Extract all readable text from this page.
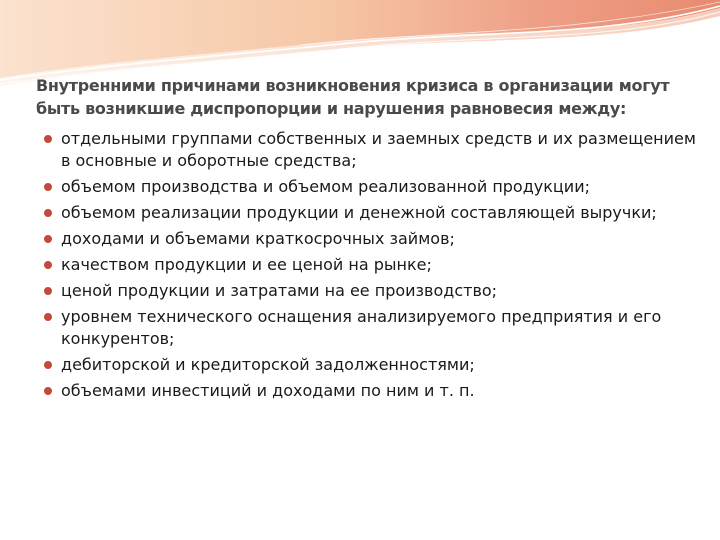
Внутренними причинами возникновения кризиса в организации могут быть возникшие диспропорции и нарушения равновесия между:
отдельными группами собственных и заемных средств и их размещением в основные и оборотные средства;
объемом производства и объемом реализованной продукции;
объемом реализации продукции и денежной составляющей выручки;
доходами и объемами краткосрочных займов;
качеством продукции и ее ценой на рынке;
ценой продукции и затратами на ее производство;
уровнем технического оснащения анализируемого предприятия и его конкурентов;
дебиторской и кредиторской задолженностями;
объемами инвестиций и доходами по ним и т. п.
